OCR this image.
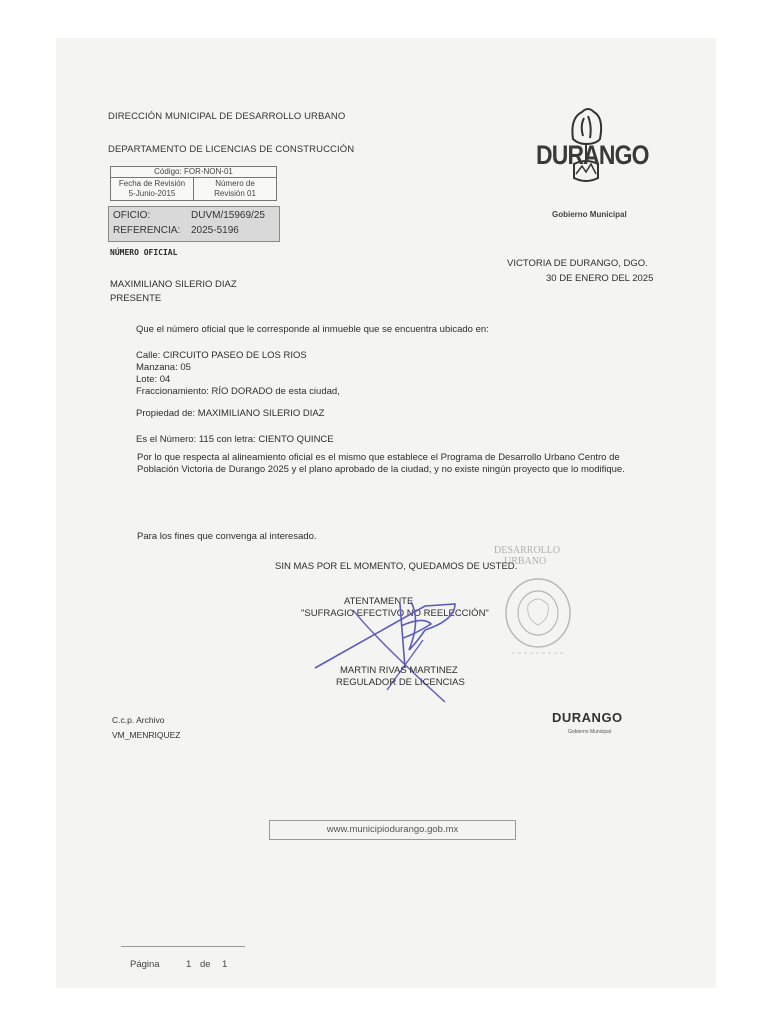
DIRECCIÓN MUNICIPAL DE DESARROLLO URBANO
DEPARTAMENTO DE LICENCIAS DE CONSTRUCCIÓN
Código: FOR-NON-01
Fecha de Revisión
5-Junio-2015
Número de
Revisión 01
OFICIO:	DUVM/15969/25
REFERENCIA: 2025-5196
NÚMERO OFICIAL
DURANGO
Gobierno Municipal
VICTORIA DE DURANGO, DGO.
30 DE ENERO DEL 2025
MAXIMILIANO SILERIO DIAZ
PRESENTE
Que el número oficial que le corresponde al inmueble que se encuentra ubicado en:
Calle: CIRCUITO PASEO DE LOS RIOS
Manzana: 05
Lote: 04
Fraccionamiento: RÍO DORADO de esta ciudad,
Propiedad de: MAXIMILIANO SILERIO DIAZ
Es el Número: 115 con letra: CIENTO QUINCE
Por lo que respecta al alineamiento oficial es el mismo que establece el Programa de Desarrollo Urbano Centro de Población Victoria de Durango 2025 y el plano aprobado de la ciudad, y no existe ningún proyecto que lo modifique.
Para los fines que convenga al interesado.
SIN MAS POR EL MOMENTO, QUEDAMOS DE USTED.
ATENTAMENTE
"SUFRAGIO EFECTIVO NO REELECCIÓN"
MARTIN RIVAS MARTINEZ
REGULADOR DE LICENCIAS
DESARROLLO
URBANO
C.c.p. Archivo
VM_MENRIQUEZ
DURANGO
Gobierno Municipal
www.municipiodurango.gob.mx
Página	1 de 1
